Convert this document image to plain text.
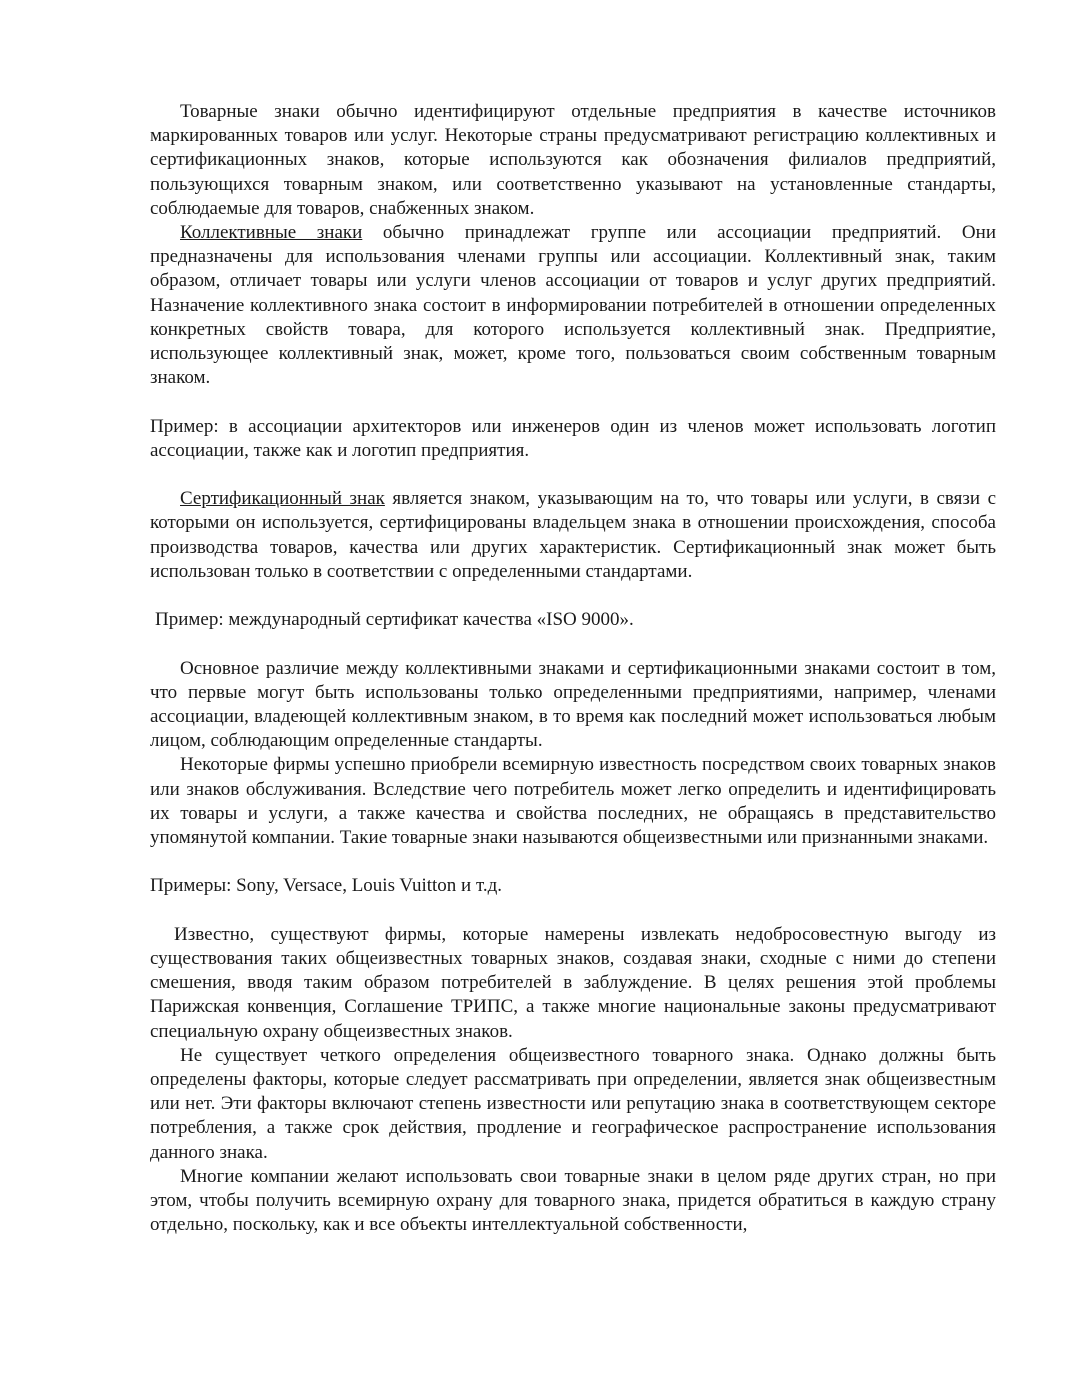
Товарные знаки обычно идентифицируют отдельные предприятия в качестве источников маркированных товаров или услуг. Некоторые страны предусматривают регистрацию коллективных и сертификационных знаков, которые используются как обозначения филиалов предприятий, пользующихся товарным знаком, или соответственно указывают на установленные стандарты, соблюдаемые для товаров, снабженных знаком.

Коллективные знаки обычно принадлежат группе или ассоциации предприятий. Они предназначены для использования членами группы или ассоциации. Коллективный знак, таким образом, отличает товары или услуги членов ассоциации от товаров и услуг других предприятий. Назначение коллективного знака состоит в информировании потребителей в отношении определенных конкретных свойств товара, для которого используется коллективный знак. Предприятие, использующее коллективный знак, может, кроме того, пользоваться своим собственным товарным знаком.

Пример: в ассоциации архитекторов или инженеров один из членов может использовать логотип ассоциации, также как и логотип предприятия.

Сертификационный знак является знаком, указывающим на то, что товары или услуги, в связи с которыми он используется, сертифицированы владельцем знака в отношении происхождения, способа производства товаров, качества или других характеристик. Сертификационный знак может быть использован только в соответствии с определенными стандартами.

Пример: международный сертификат качества «ISO 9000».

Основное различие между коллективными знаками и сертификационными знаками состоит в том, что первые могут быть использованы только определенными предприятиями, например, членами ассоциации, владеющей коллективным знаком, в то время как последний может использоваться любым лицом, соблюдающим определенные стандарты.

Некоторые фирмы успешно приобрели всемирную известность посредством своих товарных знаков или знаков обслуживания. Вследствие чего потребитель может легко определить и идентифицировать их товары и услуги, а также качества и свойства последних, не обращаясь в представительство упомянутой компании. Такие товарные знаки называются общеизвестными или признанными знаками.

Примеры: Sony, Versace, Louis Vuitton и т.д.

Известно, существуют фирмы, которые намерены извлекать недобросовестную выгоду из существования таких общеизвестных товарных знаков, создавая знаки, сходные с ними до степени смешения, вводя таким образом потребителей в заблуждение. В целях решения этой проблемы Парижская конвенция, Соглашение ТРИПС, а также многие национальные законы предусматривают специальную охрану общеизвестных знаков.

Не существует четкого определения общеизвестного товарного знака. Однако должны быть определены факторы, которые следует рассматривать при определении, является знак общеизвестным или нет. Эти факторы включают степень известности или репутацию знака в соответствующем секторе потребления, а также срок действия, продление и географическое распространение использования данного знака.

Многие компании желают использовать свои товарные знаки в целом ряде других стран, но при этом, чтобы получить всемирную охрану для товарного знака, придется обратиться в каждую страну отдельно, поскольку, как и все объекты интеллектуальной собственности,
